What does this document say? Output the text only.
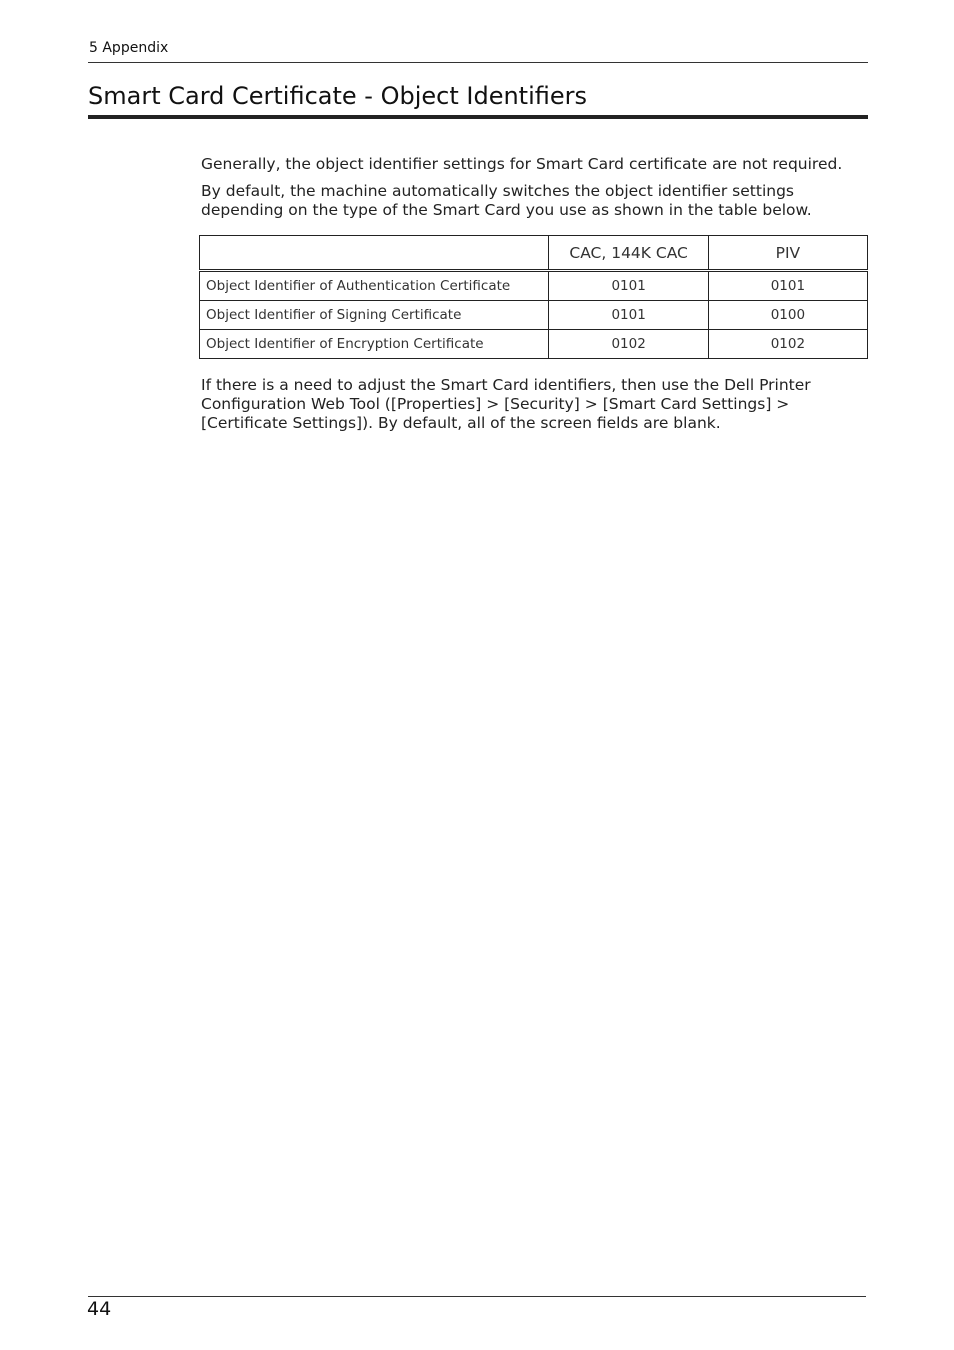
5 Appendix
Smart Card Certificate - Object Identifiers

Generally, the object identifier settings for Smart Card certificate are not required.

By default, the machine automatically switches the object identifier settings depending on the type of the Smart Card you use as shown in the table below.

	CAC, 144K CAC	PIV
Object Identifier of Authentication Certificate	0101	0101
Object Identifier of Signing Certificate	0101	0100
Object Identifier of Encryption Certificate	0102	0102

If there is a need to adjust the Smart Card identifiers, then use the Dell Printer Configuration Web Tool ([Properties] > [Security] > [Smart Card Settings] > [Certificate Settings]). By default, all of the screen fields are blank.

44
